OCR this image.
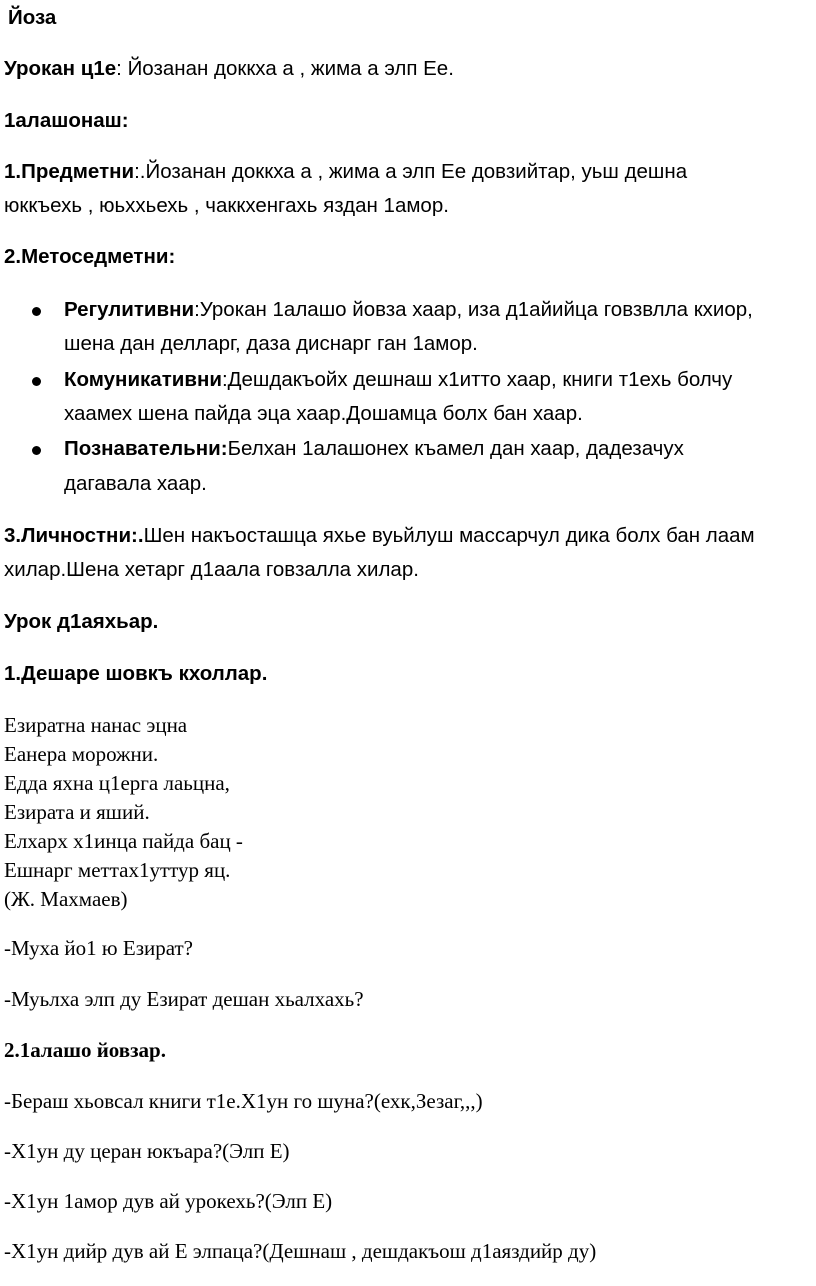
Йоза
Урокан ц1е: Йозанан доккха а , жима а элп Ее.
1алашонаш:
1.Предметни:.Йозанан доккха а , жима а элп Ее довзийтар, уьш дешна
юккъехь , юьххьехь , чаккхенгахь яздан 1амор.
2.Метоседметни:
Регулитивни:Урокан 1алашо йовза хаар, иза д1айийца говзвлла кхиор,
шена дан делларг, даза диснарг ган 1амор.
Комуникативни:Дешдакъойх дешнаш х1итто хаар, книги т1ехь болчу
хаамех шена пайда эца хаар.Дошамца болх бан хаар.
Познавательни:Белхан 1алашонех къамел дан хаар, дадезачух
дагавала хаар.
3.Личностни:.Шен накъосташца яхье вуьйлуш массарчул дика болх бан лаам
хилар.Шена хетарг д1аала говзалла хилар.
Урок д1аяхьар.
1.Дешаре шовкъ кхоллар.
Езиратна нанас эцна
Еанера морожни.
Едда яхна ц1ерга лаьцна,
Езирата и яший.
Елхарх х1инца пайда бац -
Ешнарг меттах1уттур яц.
(Ж. Махмаев)
-Муха йо1 ю Езират?
-Муьлха элп ду Езират дешан хьалхахь?
2.1алашо йовзар.
-Бераш хьовсал книги т1е.Х1ун го шуна?(ехк,Зезаг,,,)
-Х1ун ду церан юкъара?(Элп Е)
-Х1ун 1амор дув ай урокехь?(Элп Е)
-Х1ун дийр дув ай Е элпаца?(Дешнаш , дешдакъош д1аяздийр ду)
